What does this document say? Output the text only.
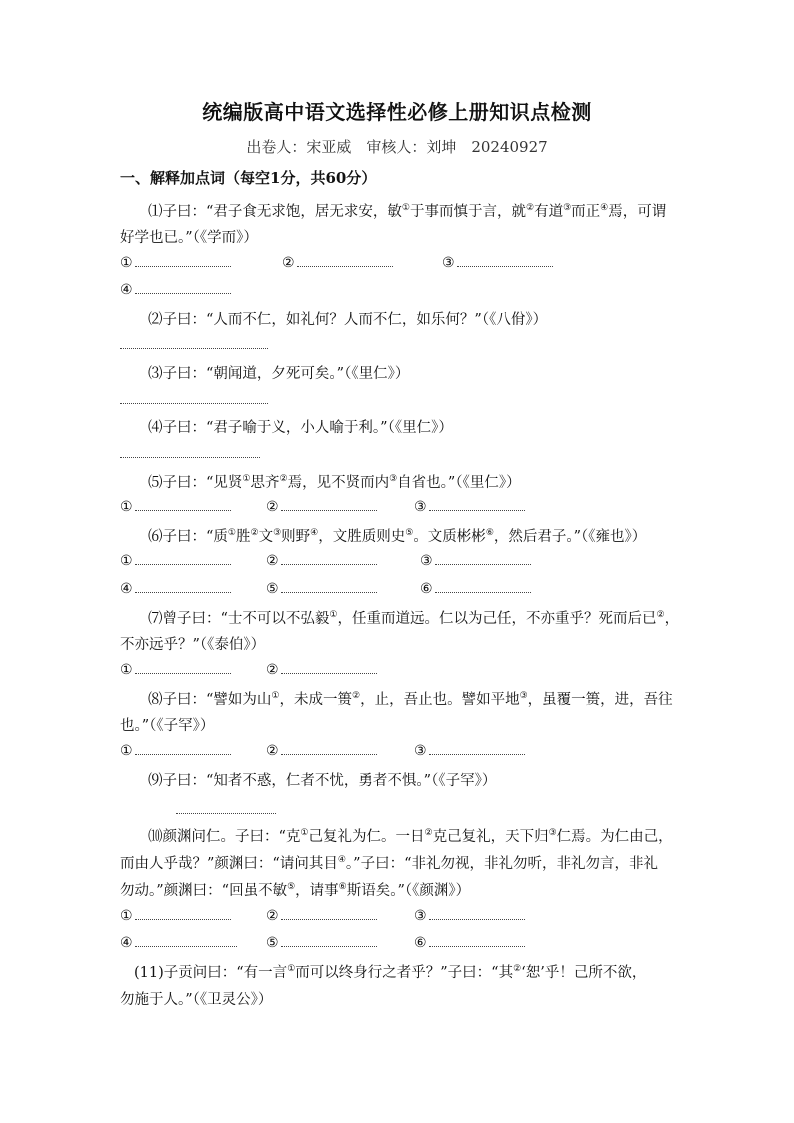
统编版高中语文选择性必修上册知识点检测
出卷人：宋亚威　审核人：刘坤　20240927
一、解释加点词（每空1分，共60分）
⑴子曰：“君子食无求饱，居无求安，敏①于事而慎于言，就②有道③而正④焉，可谓
好学也已。”（《学而》）
①	②	③
④
⑵子曰：“人而不仁，如礼何？人而不仁，如乐何？”（《八佾》）
⑶子曰：“朝闻道，夕死可矣。”（《里仁》）
⑷子曰：“君子喻于义，小人喻于利。”（《里仁》）
⑸子曰：“见贤①思齐②焉，见不贤而内③自省也。”（《里仁》）
①	②	③
⑹子曰：“质①胜②文③则野④，文胜质则史⑤。文质彬彬⑥，然后君子。”（《雍也》）
①	②	③
④	⑤	⑥
⑺曾子曰：“士不可以不弘毅①，任重而道远。仁以为己任，不亦重乎？死而后已②，
不亦远乎？”（《泰伯》）
①	②
⑻子曰：“譬如为山①，未成一篑②，止，吾止也。譬如平地③，虽覆一篑，进，吾往
也。”（《子罕》）
①	②	③
⑼子曰：“知者不惑，仁者不忧，勇者不惧。”（《子罕》）
⑽颜渊问仁。子曰：“克①己复礼为仁。一日②克己复礼，天下归③仁焉。为仁由己，
而由人乎哉？”颜渊曰：“请问其目④。”子曰：“非礼勿视，非礼勿听，非礼勿言，非礼
勿动。”颜渊曰：“回虽不敏⑤，请事⑥斯语矣。”（《颜渊》）
①	②	③
④	⑤	⑥
(11)子贡问曰：“有一言①而可以终身行之者乎？”子曰：“其②‘恕’乎！己所不欲，
勿施于人。”（《卫灵公》）
